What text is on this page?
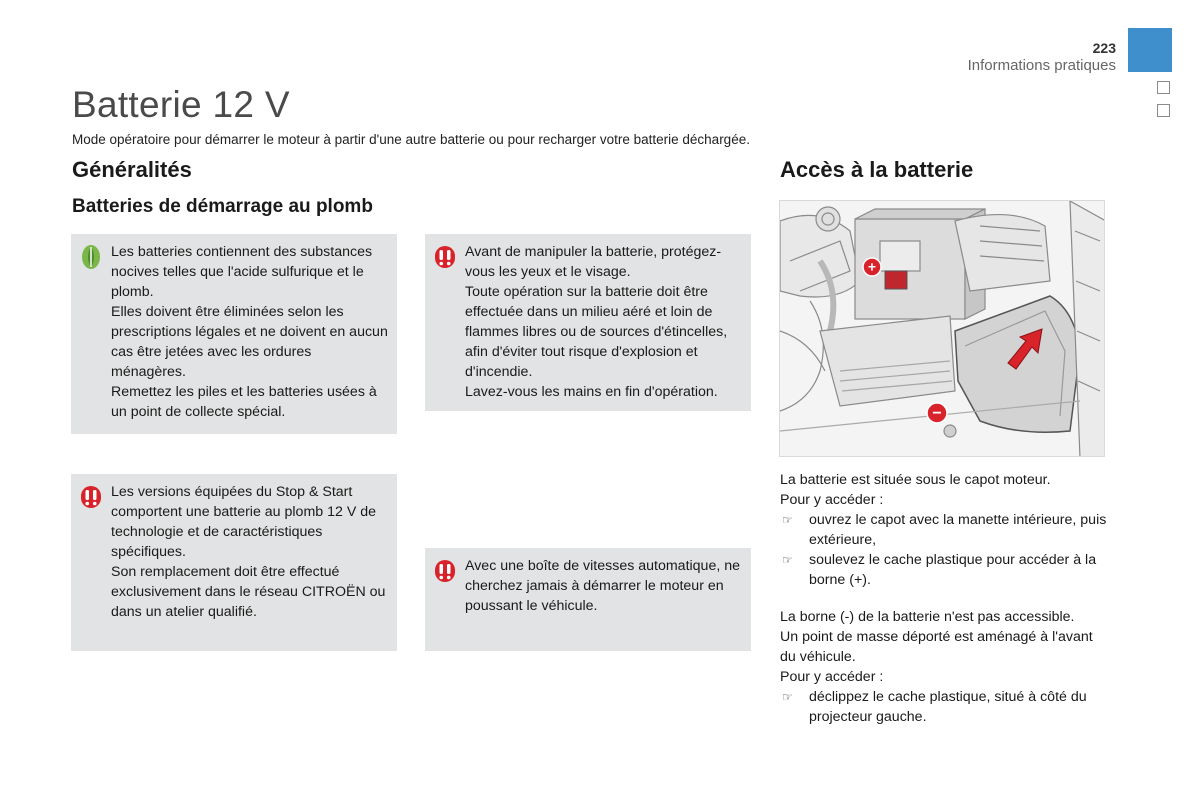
223
Informations pratiques
Batterie 12 V
Mode opératoire pour démarrer le moteur à partir d'une autre batterie ou pour recharger votre batterie déchargée.
Généralités
Batteries de démarrage au plomb

Les batteries contiennent des substances nocives telles que l'acide sulfurique et le plomb.

Elles doivent être éliminées selon les prescriptions légales et ne doivent en aucun cas être jetées avec les ordures ménagères.

Remettez les piles et les batteries usées à un point de collecte spécial.

Avant de manipuler la batterie, protégez-vous les yeux et le visage.

Toute opération sur la batterie doit être effectuée dans un milieu aéré et loin de flammes libres ou de sources d'étincelles, afin d'éviter tout risque d'explosion et d'incendie.

Lavez-vous les mains en fin d'opération.

Les versions équipées du Stop & Start comportent une batterie au plomb 12 V de technologie et de caractéristiques spécifiques.

Son remplacement doit être effectué exclusivement dans le réseau CITROËN ou dans un atelier qualifié.

Avec une boîte de vitesses automatique, ne cherchez jamais à démarrer le moteur en poussant le véhicule.

Accès à la batterie
+
−

La batterie est située sous le capot moteur.

Pour y accéder :

☞ ouvrez le capot avec la manette intérieure, puis extérieure,

☞ soulevez le cache plastique pour accéder à la borne (+).

La borne (-) de la batterie n'est pas accessible.

Un point de masse déporté est aménagé à l'avant du véhicule.

Pour y accéder :

☞ déclippez le cache plastique, situé à côté du projecteur gauche.
